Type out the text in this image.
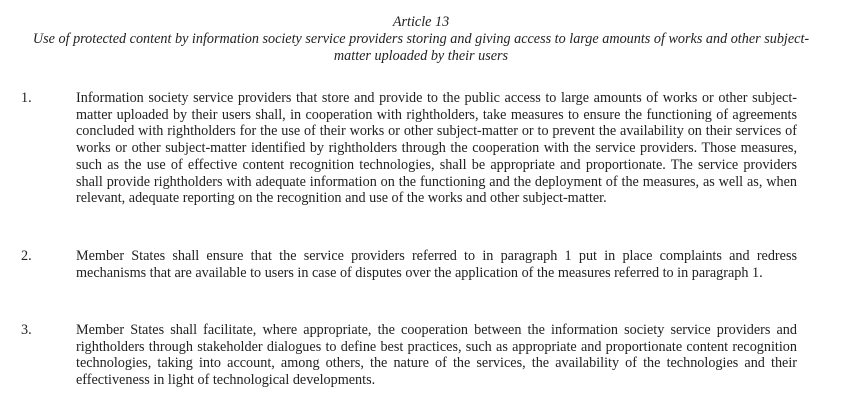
Article 13
Use of protected content by information society service providers storing and giving access to large amounts of works and other subject-matter uploaded by their users
1.	Information society service providers that store and provide to the public access to large amounts of works or other subject-matter uploaded by their users shall, in cooperation with rightholders, take measures to ensure the functioning of agreements concluded with rightholders for the use of their works or other subject-matter or to prevent the availability on their services of works or other subject-matter identified by rightholders through the cooperation with the service providers. Those measures, such as the use of effective content recognition technologies, shall be appropriate and proportionate. The service providers shall provide rightholders with adequate information on the functioning and the deployment of the measures, as well as, when relevant, adequate reporting on the recognition and use of the works and other subject-matter.
2.	Member States shall ensure that the service providers referred to in paragraph 1 put in place complaints and redress mechanisms that are available to users in case of disputes over the application of the measures referred to in paragraph 1.
3.	Member States shall facilitate, where appropriate, the cooperation between the information society service providers and rightholders through stakeholder dialogues to define best practices, such as appropriate and proportionate content recognition technologies, taking into account, among others, the nature of the services, the availability of the technologies and their effectiveness in light of technological developments.
